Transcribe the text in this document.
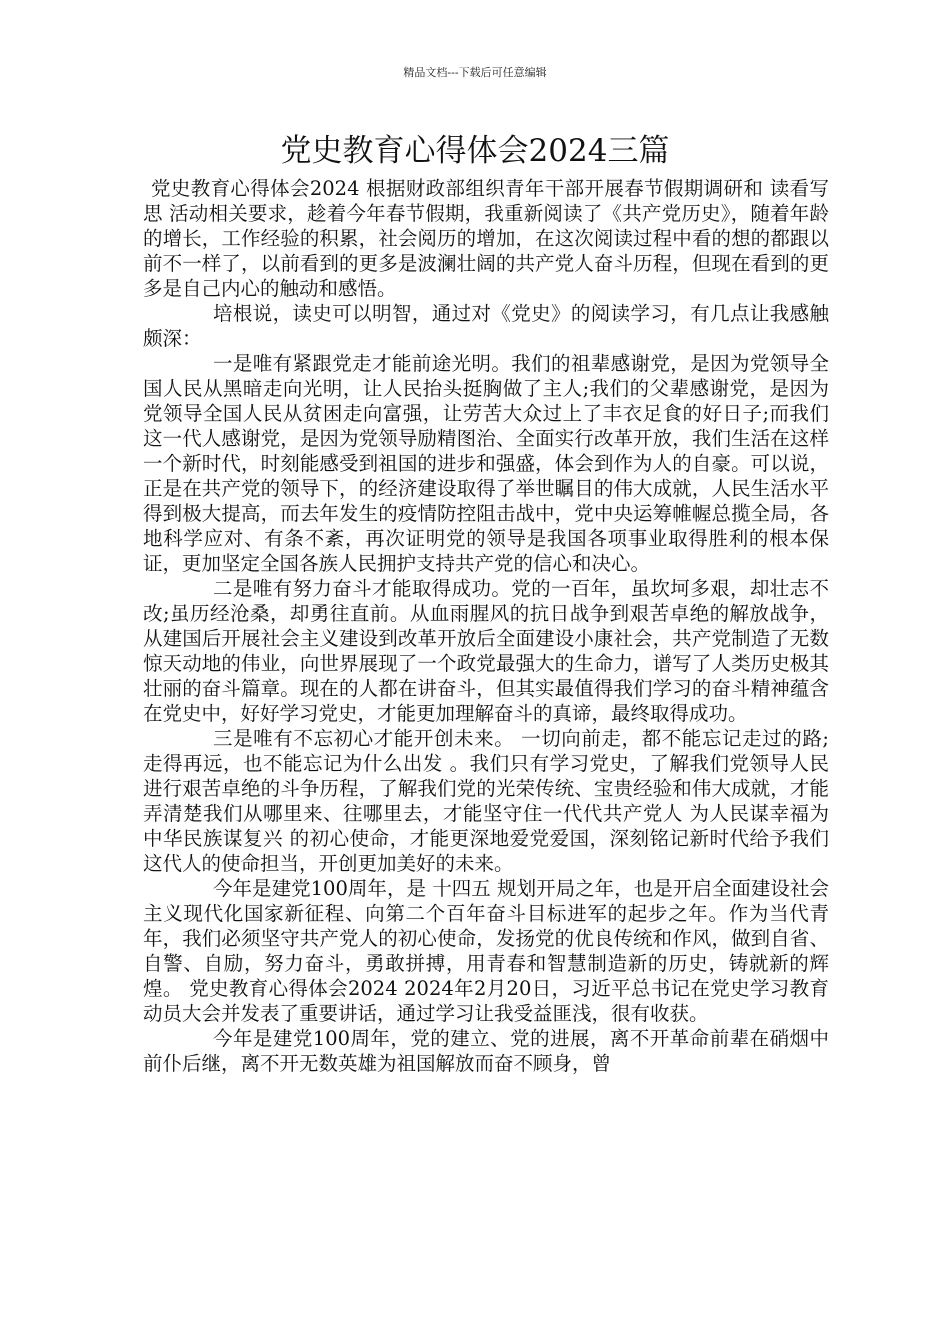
精品文档---下载后可任意编辑
党史教育心得体会2024三篇

党史教育心得体会2024 根据财政部组织青年干部开展春节假期调研和 读看写思 活动相关要求，趁着今年春节假期，我重新阅读了《共产党历史》，随着年龄的增长，工作经验的积累，社会阅历的增加，在这次阅读过程中看的想的都跟以前不一样了，以前看到的更多是波澜壮阔的共产党人奋斗历程，但现在看到的更多是自己内心的触动和感悟。

培根说，读史可以明智，通过对《党史》的阅读学习，有几点让我感触颇深：

一是唯有紧跟党走才能前途光明。我们的祖辈感谢党，是因为党领导全国人民从黑暗走向光明，让人民抬头挺胸做了主人;我们的父辈感谢党，是因为党领导全国人民从贫困走向富强，让劳苦大众过上了丰衣足食的好日子;而我们这一代人感谢党，是因为党领导励精图治、全面实行改革开放，我们生活在这样一个新时代，时刻能感受到祖国的进步和强盛，体会到作为人的自豪。可以说，正是在共产党的领导下，的经济建设取得了举世瞩目的伟大成就，人民生活水平得到极大提高，而去年发生的疫情防控阻击战中，党中央运筹帷幄总揽全局，各地科学应对、有条不紊，再次证明党的领导是我国各项事业取得胜利的根本保证，更加坚定全国各族人民拥护支持共产党的信心和决心。

二是唯有努力奋斗才能取得成功。党的一百年，虽坎坷多艰，却壮志不改;虽历经沧桑，却勇往直前。从血雨腥风的抗日战争到艰苦卓绝的解放战争，从建国后开展社会主义建设到改革开放后全面建设小康社会，共产党制造了无数惊天动地的伟业，向世界展现了一个政党最强大的生命力，谱写了人类历史极其壮丽的奋斗篇章。现在的人都在讲奋斗，但其实最值得我们学习的奋斗精神蕴含在党史中，好好学习党史，才能更加理解奋斗的真谛，最终取得成功。

三是唯有不忘初心才能开创未来。 一切向前走，都不能忘记走过的路;走得再远，也不能忘记为什么出发 。我们只有学习党史，了解我们党领导人民进行艰苦卓绝的斗争历程，了解我们党的光荣传统、宝贵经验和伟大成就，才能弄清楚我们从哪里来、往哪里去，才能坚守住一代代共产党人 为人民谋幸福为中华民族谋复兴 的初心使命，才能更深地爱党爱国，深刻铭记新时代给予我们这代人的使命担当，开创更加美好的未来。

今年是建党100周年，是 十四五 规划开局之年，也是开启全面建设社会主义现代化国家新征程、向第二个百年奋斗目标进军的起步之年。作为当代青年，我们必须坚守共产党人的初心使命，发扬党的优良传统和作风，做到自省、自警、自励，努力奋斗，勇敢拼搏，用青春和智慧制造新的历史，铸就新的辉煌。 党史教育心得体会2024 2024年2月20日，习近平总书记在党史学习教育动员大会并发表了重要讲话，通过学习让我受益匪浅，很有收获。

今年是建党100周年，党的建立、党的进展，离不开革命前辈在硝烟中前仆后继，离不开无数英雄为祖国解放而奋不顾身，曾
